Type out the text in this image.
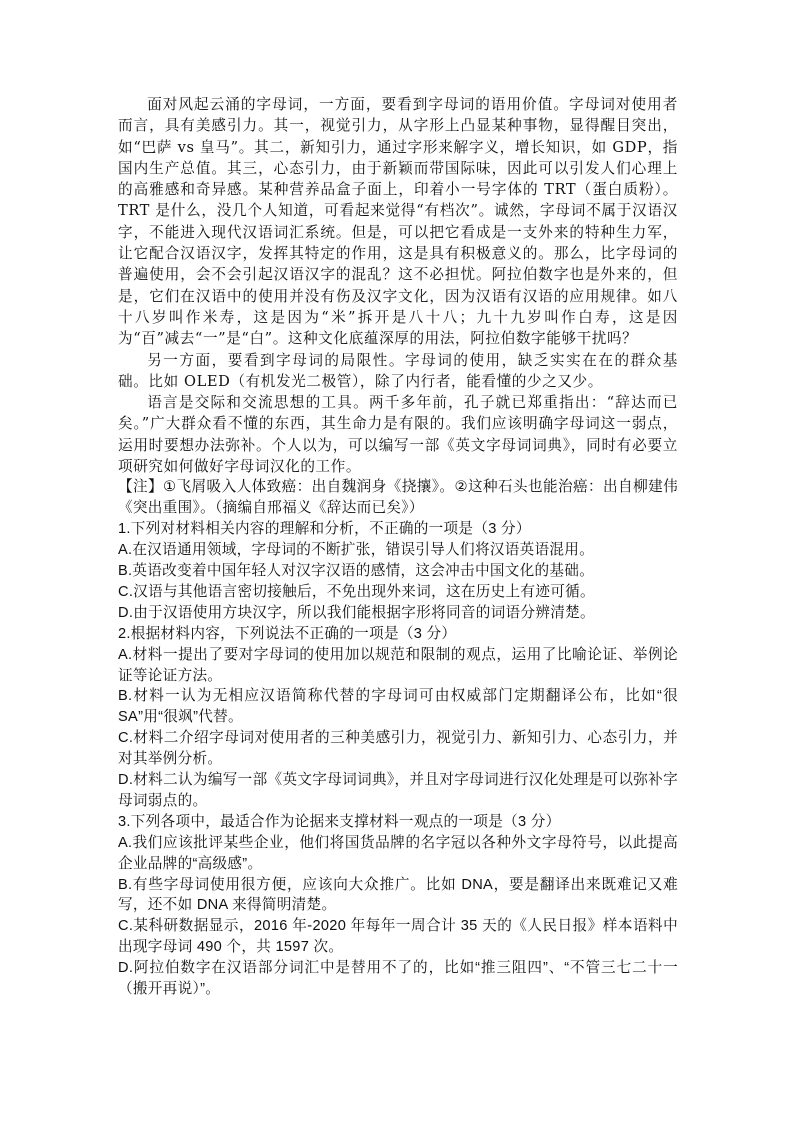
面对风起云涌的字母词，一方面，要看到字母词的语用价值。字母词对使用者而言，具有美感引力。其一，视觉引力，从字形上凸显某种事物，显得醒目突出，如“巴萨 vs 皇马”。其二，新知引力，通过字形来解字义，增长知识，如 GDP，指国内生产总值。其三，心态引力，由于新颖而带国际味，因此可以引发人们心理上的高雅感和奇异感。某种营养品盒子面上，印着小一号字体的 TRT（蛋白质粉）。TRT 是什么，没几个人知道，可看起来觉得“有档次”。诚然，字母词不属于汉语汉字，不能进入现代汉语词汇系统。但是，可以把它看成是一支外来的特种生力军，让它配合汉语汉字，发挥其特定的作用，这是具有积极意义的。那么，比字母词的普遍使用，会不会引起汉语汉字的混乱？这不必担忧。阿拉伯数字也是外来的，但是，它们在汉语中的使用并没有伤及汉字文化，因为汉语有汉语的应用规律。如八十八岁叫作米寿，这是因为“米”拆开是八十八；九十九岁叫作白寿，这是因为“百”减去“一”是“白”。这种文化底蕴深厚的用法，阿拉伯数字能够干扰吗？

另一方面，要看到字母词的局限性。字母词的使用，缺乏实实在在的群众基础。比如 OLED（有机发光二极管），除了内行者，能看懂的少之又少。

语言是交际和交流思想的工具。两千多年前，孔子就已郑重指出：“辞达而已矣。”广大群众看不懂的东西，其生命力是有限的。我们应该明确字母词这一弱点，运用时要想办法弥补。个人以为，可以编写一部《英文字母词词典》，同时有必要立项研究如何做好字母词汉化的工作。

【注】①飞屑吸入人体致癌：出自魏润身《挠攘》。②这种石头也能治癌：出自柳建伟《突出重围》。（摘编自邢福义《辞达而已矣》）

1.下列对材料相关内容的理解和分析，不正确的一项是（3 分）

A.在汉语通用领域，字母词的不断扩张，错误引导人们将汉语英语混用。

B.英语改变着中国年轻人对汉字汉语的感情，这会冲击中国文化的基础。

C.汉语与其他语言密切接触后，不免出现外来词，这在历史上有迹可循。

D.由于汉语使用方块汉字，所以我们能根据字形将同音的词语分辨清楚。

2.根据材料内容，下列说法不正确的一项是（3 分）

A.材料一提出了要对字母词的使用加以规范和限制的观点，运用了比喻论证、举例论证等论证方法。

B.材料一认为无相应汉语简称代替的字母词可由权威部门定期翻译公布，比如“很 SA”用“很飒”代替。

C.材料二介绍字母词对使用者的三种美感引力，视觉引力、新知引力、心态引力，并对其举例分析。

D.材料二认为编写一部《英文字母词词典》，并且对字母词进行汉化处理是可以弥补字母词弱点的。

3.下列各项中，最适合作为论据来支撑材料一观点的一项是（3 分）

A.我们应该批评某些企业，他们将国货品牌的名字冠以各种外文字母符号，以此提高企业品牌的“高级感”。

B.有些字母词使用很方便，应该向大众推广。比如 DNA，要是翻译出来既难记又难写，还不如 DNA 来得简明清楚。

C.某科研数据显示，2016 年-2020 年每年一周合计 35 天的《人民日报》样本语料中出现字母词 490 个，共 1597 次。

D.阿拉伯数字在汉语部分词汇中是替用不了的，比如“推三阻四”、“不管三七二十一（搬开再说）”。
